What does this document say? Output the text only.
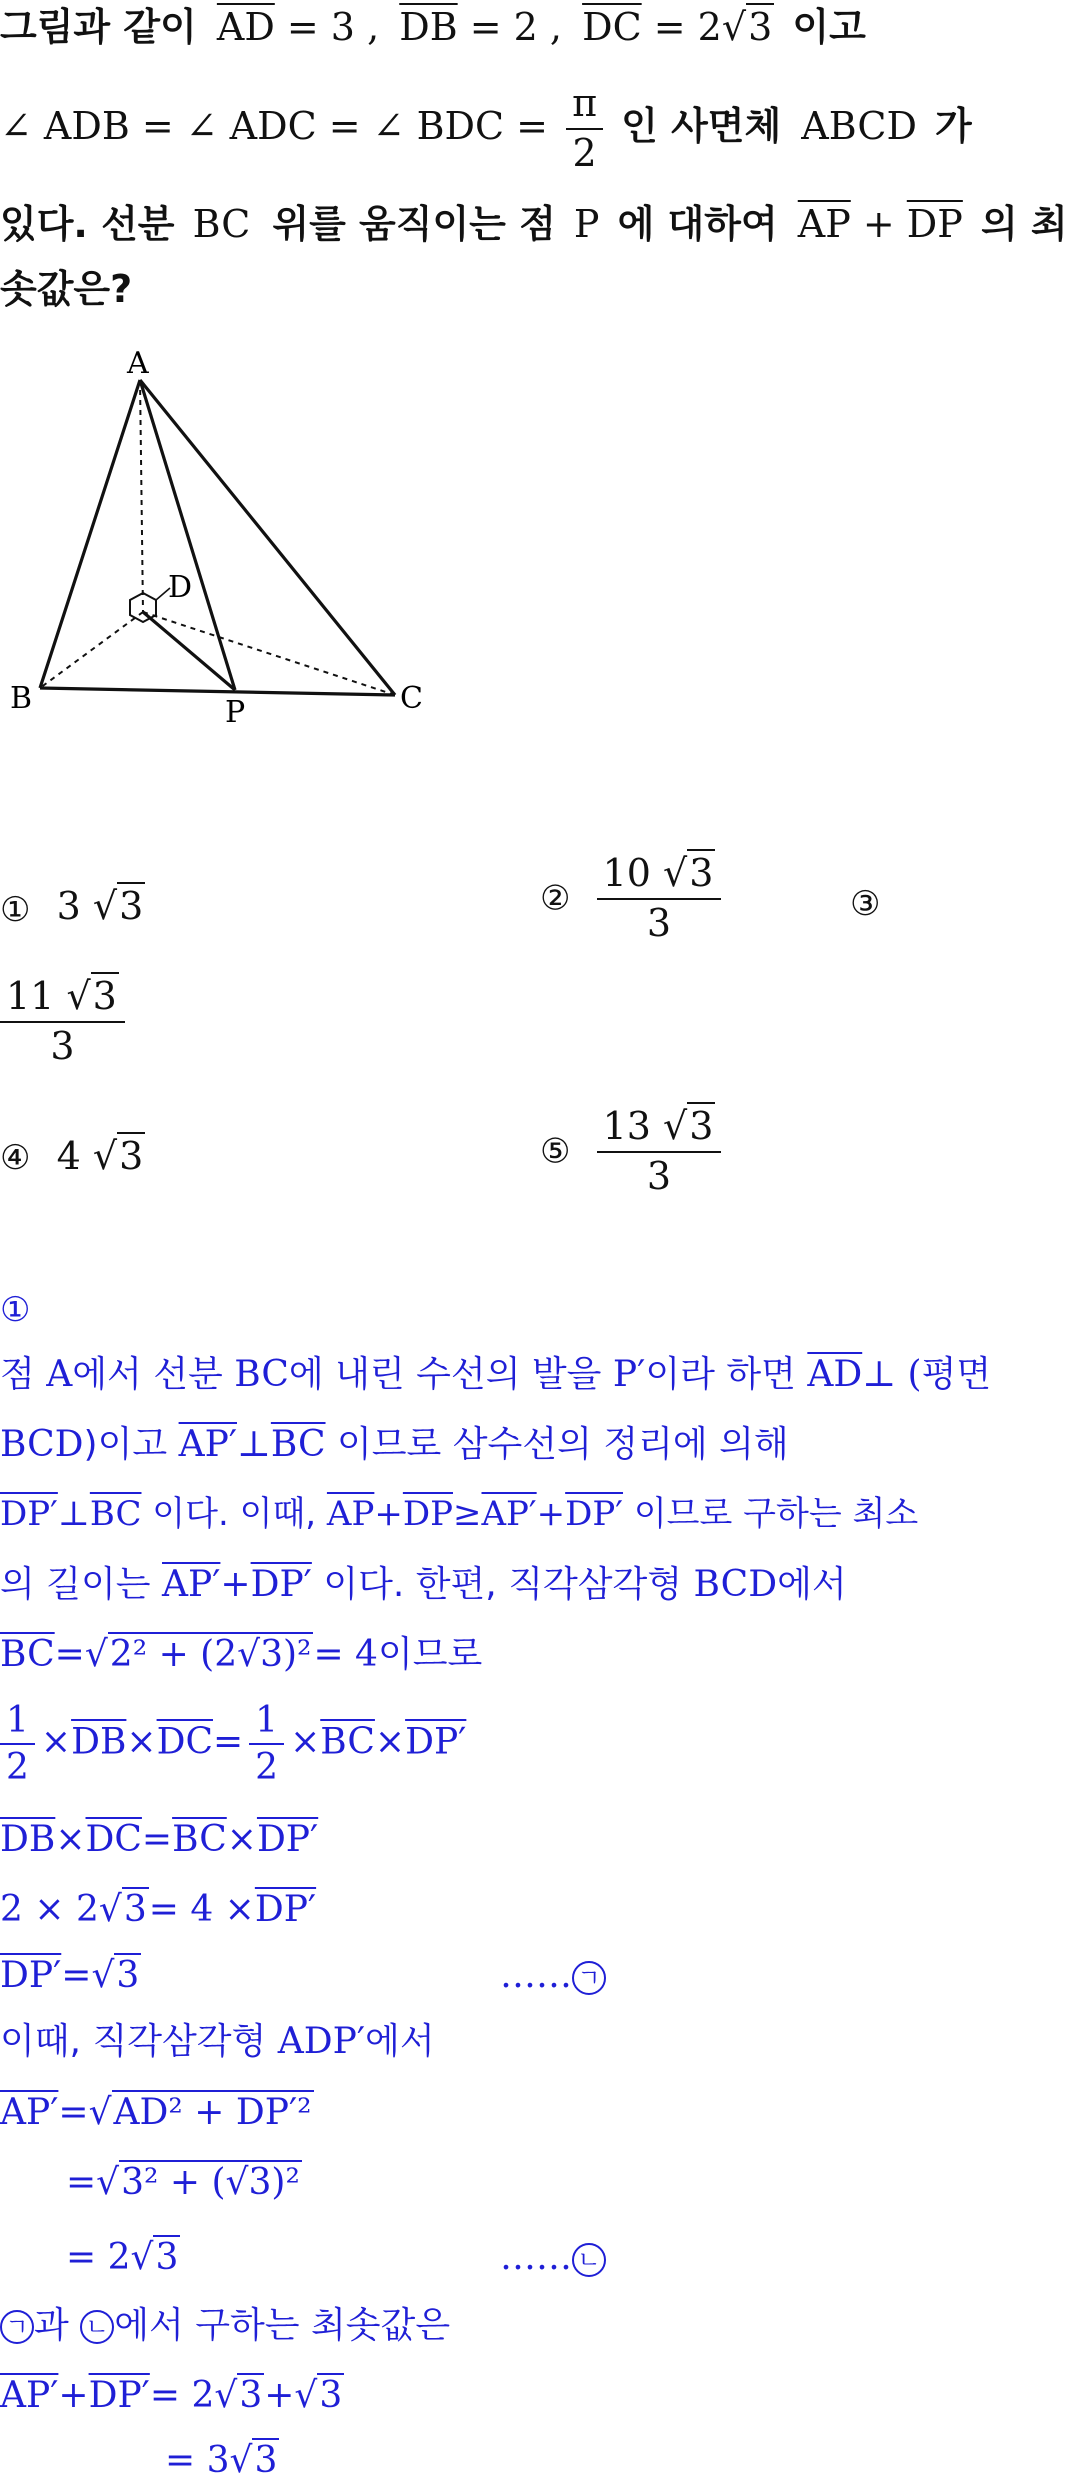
그림과 같이 $\overline{AD} = 3$ , $\overline{DB} = 2$ , $\overline{DC} = 2√3$ 이고
∠ ADB = ∠ ADC = ∠ BDC = $\frac{\pi}{2}$ 인 사면체 ABCD 가
있다. 선분 BC 위를 움직이는 점 P 에 대하여 $\overline{AP} + \overline{DP}$ 의 최
솟값은?
A
B	C
D
P
① 3 √3	② $\frac{10 √3}{3}$	③
$\frac{11 √3}{3}$
④ 4 √3	⑤ $\frac{13 √3}{3}$
①
점 A에서 선분 BC에 내린 수선의 발을 P′이라 하면 $\overline{AD}\perp$ (평면
BCD)이고 $AP'\perp\overline{BC}$ 이므로 삼수선의 정리에 의해
$DP'\perp\overline{BC}$ 이다. 이때, $\overline{AP}+\overline{DP}\ge AP'+DP'$ 이므로 구하는 최소
의 길이는 AP′+DP′ 이다. 한편, 직각삼각형 BCD에서
$\overline{BC}=√2^2 + (2√3)^2= 4$이므로
$\frac{1}{2} \times\overline{DB}\times\overline{DC}= \frac{1}{2} \times\overline{BC}\times DP'$
$\overline{DB}\times\overline{DC}=\overline{BC}\times DP'$
2 × 2√3= 4 ×DP′
DP′=√3	…… ㄱ
이때, 직각삼각형 ADP′에서
AP′=√AD² + DP′²
=√3² + (√3)²
= 2√3	…… ㄴ
ㄱ 과 ㄴ 에서 구하는 최솟값은
AP′+DP′= 2√3+√3
= 3√3
